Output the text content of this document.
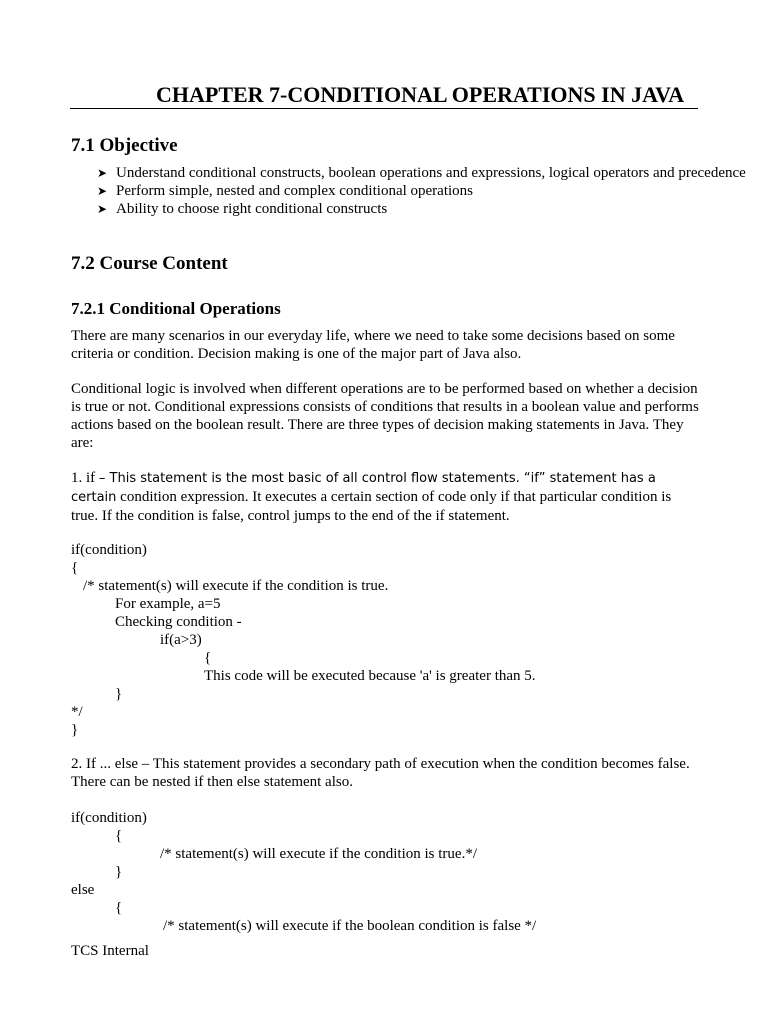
CHAPTER 7-CONDITIONAL OPERATIONS IN JAVA
7.1 Objective
➤ Understand conditional constructs, boolean operations and expressions, logical operators and precedence
➤ Perform simple, nested and complex conditional operations
➤ Ability to choose right conditional constructs
7.2 Course Content
7.2.1 Conditional Operations
There are many scenarios in our everyday life, where we need to take some decisions based on some criteria or condition. Decision making is one of the major part of Java also.
Conditional logic is involved when different operations are to be performed based on whether a decision is true or not. Conditional expressions consists of conditions that results in a boolean value and performs actions based on the boolean result. There are three types of decision making statements in Java. They are:
1. if – This statement is the most basic of all control flow statements. “if” statement has a certain condition expression. It executes a certain section of code only if that particular condition is true. If the condition is false, control jumps to the end of the if statement.
if(condition)
{
/* statement(s) will execute if the condition is true.
For example, a=5
Checking condition -
if(a>3)
{
This code will be executed because 'a' is greater than 5.
}
*/
}
2. If ... else – This statement provides a secondary path of execution when the condition becomes false. There can be nested if then else statement also.
if(condition)
{
/* statement(s) will execute if the condition is true.*/
}
else
{
/* statement(s) will execute if the boolean condition is false */
TCS Internal
